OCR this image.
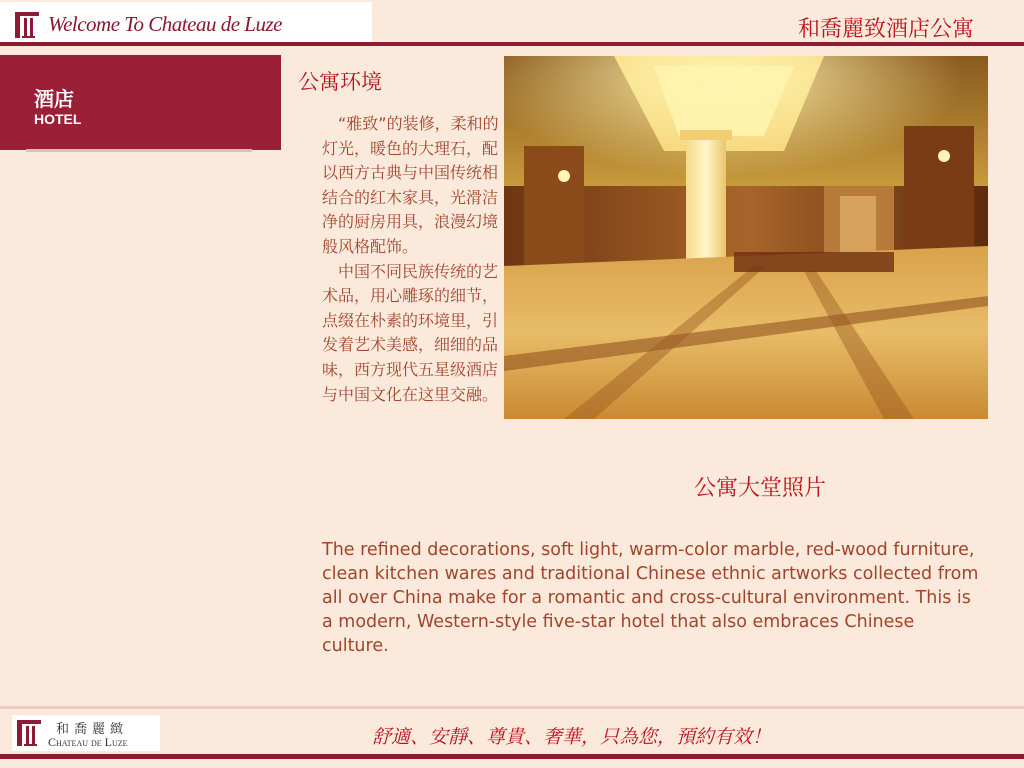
Welcome To Chateau de Luze	和喬麗致酒店公寓
酒店
HOTEL
公寓环境

“雅致”的装修，柔和的灯光，暖色的大理石，配以西方古典与中国传统相结合的红木家具，光滑洁净的厨房用具，浪漫幻境般风格配饰。

中国不同民族传统的艺术品，用心雕琢的细节，点缀在朴素的环境里，引发着艺术美感，细细的品味，西方现代五星级酒店与中国文化在这里交融。

公寓大堂照片
The refined decorations, soft light, warm-color marble, red-wood furniture, clean kitchen wares and traditional Chinese ethnic artworks collected from all over China make for a romantic and cross-cultural environment. This is a modern, Western-style five-star hotel that also embraces Chinese culture.
和喬麗緻
Chateau de Luze	舒適、安靜、尊貴、奢華，只為您，預約有效！
